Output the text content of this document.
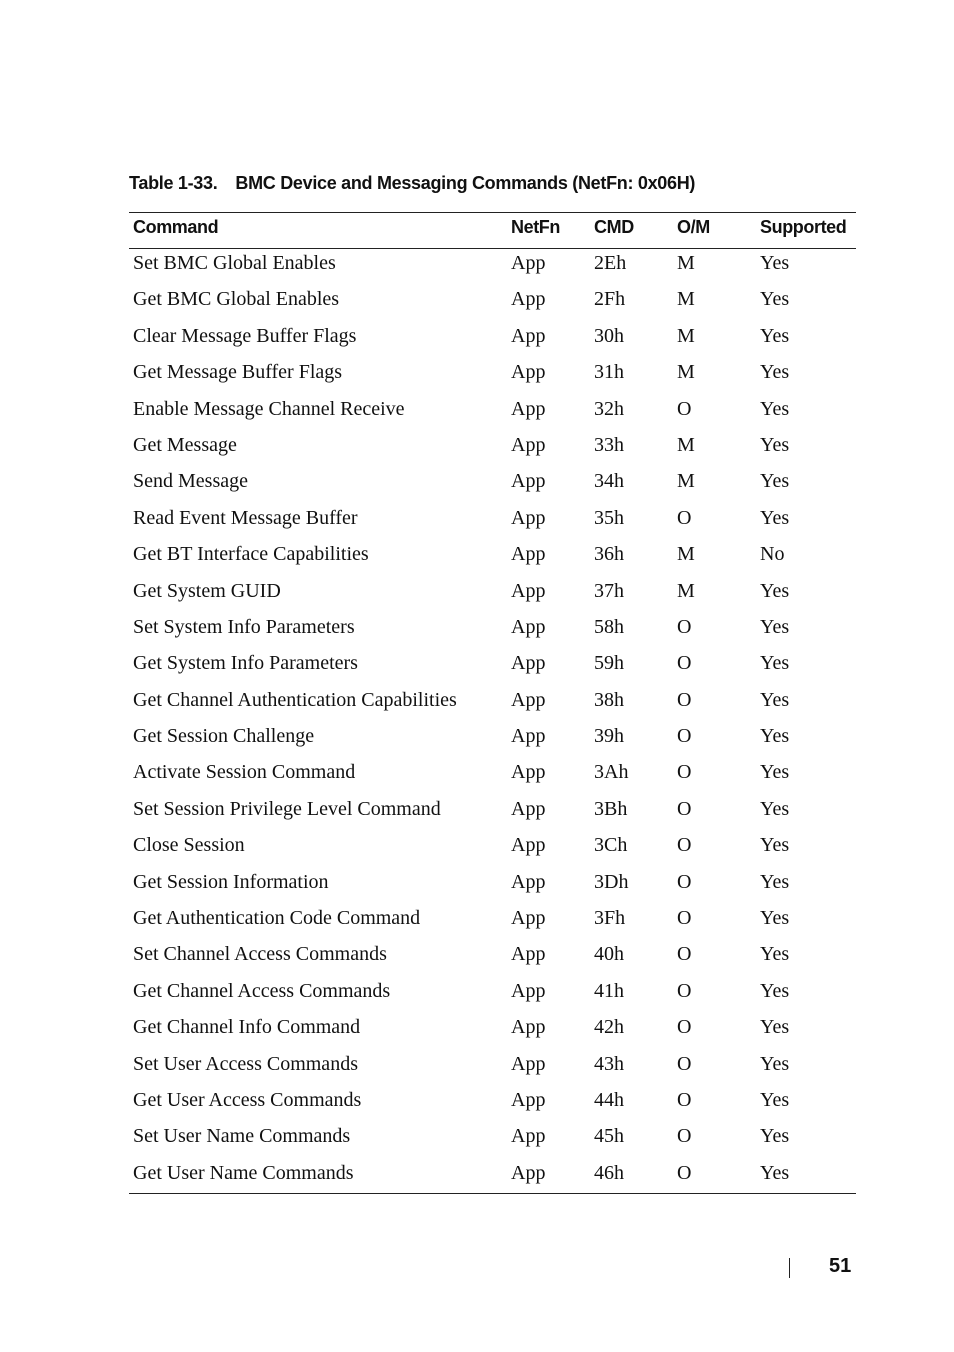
Table 1-33. BMC Device and Messaging Commands (NetFn: 0x06H)
Command	NetFn CMD O/M	Supported
Set BMC Global Enables	App 2Eh	M	Yes
Get BMC Global Enables	App 2Fh	M	Yes
Clear Message Buffer Flags	App 30h	M	Yes
Get Message Buffer Flags	App 31h	M	Yes
Enable Message Channel Receive	App 32h	O	Yes
Get Message	App 33h	M	Yes
Send Message	App 34h	M	Yes
Read Event Message Buffer	App 35h	O	Yes
Get BT Interface Capabilities	App 36h	M	No
Get System GUID	App 37h	M	Yes
Set System Info Parameters	App 58h	O	Yes
Get System Info Parameters	App 59h	O	Yes
Get Channel Authentication Capabilities	App 38h	O	Yes
Get Session Challenge	App 39h	O	Yes
Activate Session Command	App 3Ah O	Yes
Set Session Privilege Level Command	App 3Bh O	Yes
Close Session	App 3Ch O	Yes
Get Session Information	App 3Dh O	Yes
Get Authentication Code Command	App 3Fh	O	Yes
Set Channel Access Commands	App 40h	O	Yes
Get Channel Access Commands	App 41h	O	Yes
Get Channel Info Command	App 42h	O	Yes
Set User Access Commands	App 43h	O	Yes
Get User Access Commands	App 44h	O	Yes
Set User Name Commands	App 45h	O	Yes
Get User Name Commands	App 46h	O	Yes
51
